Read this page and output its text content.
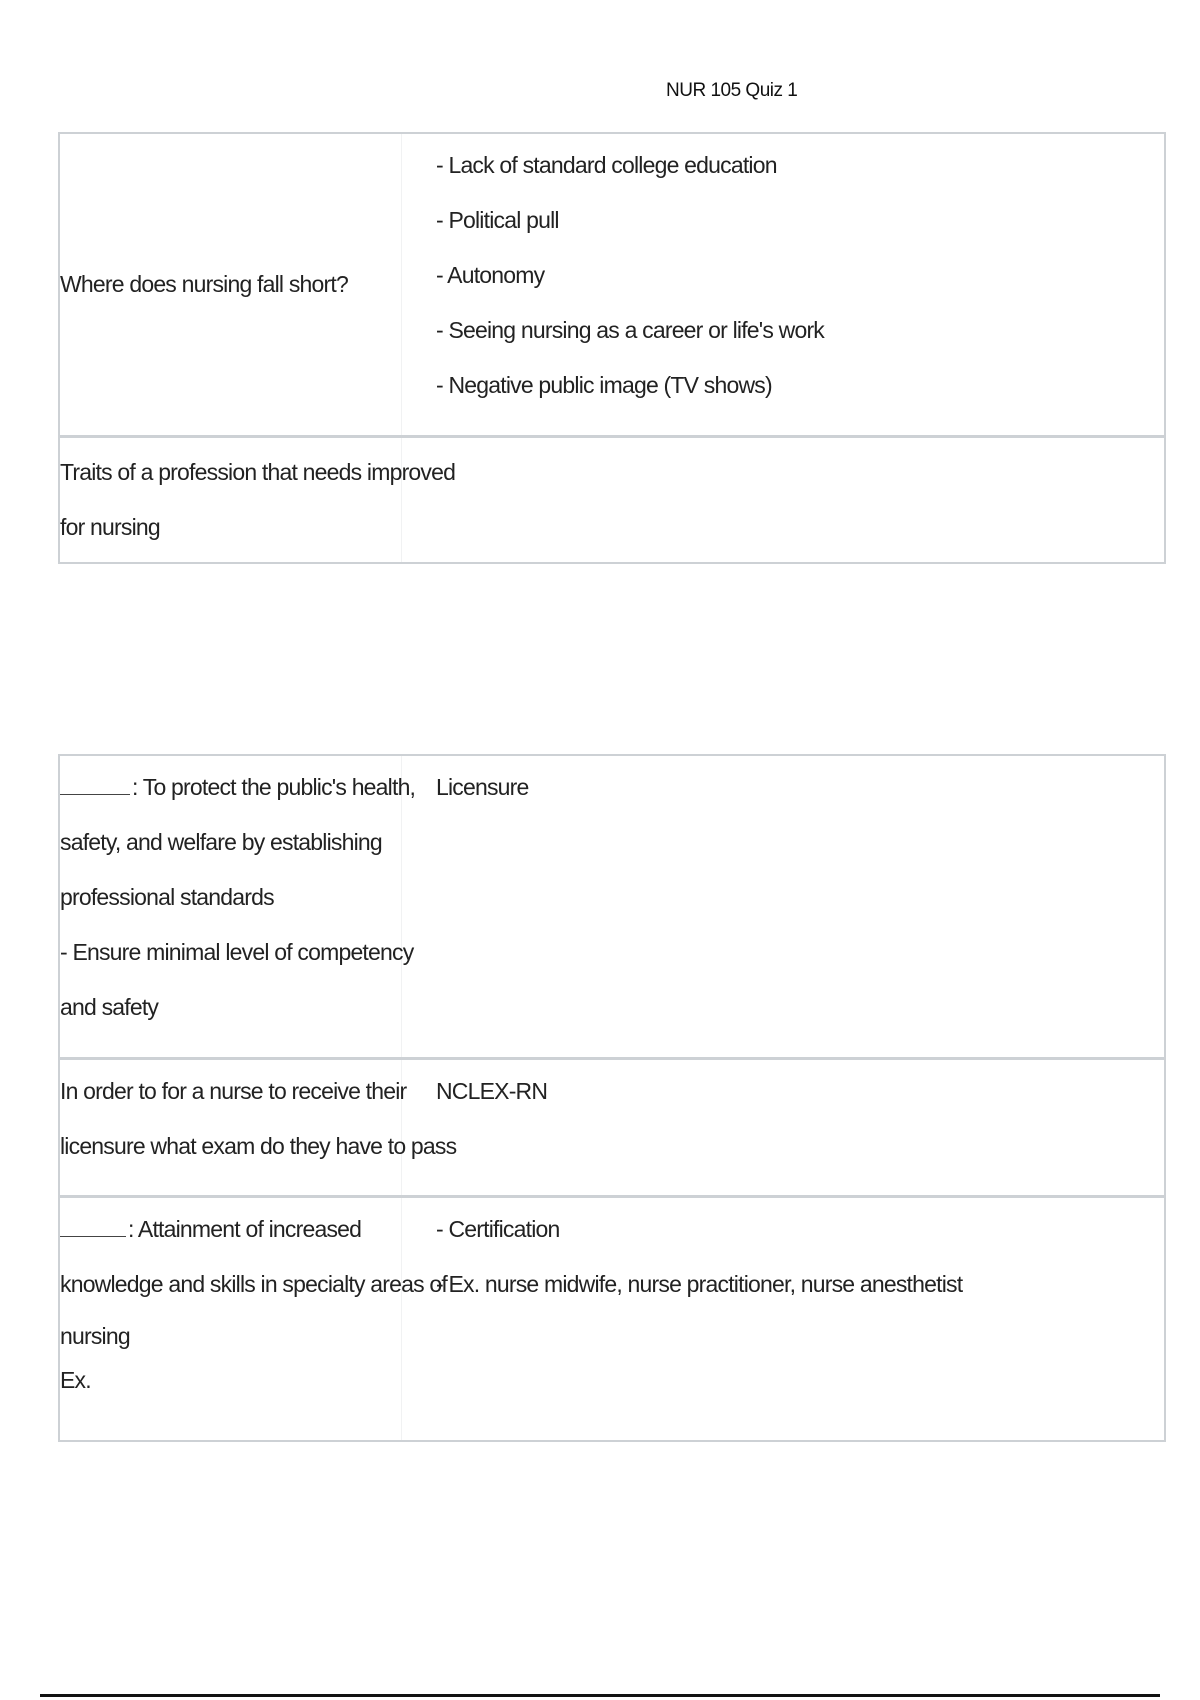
NUR 105 Quiz 1
Where does nursing fall short?
- Lack of standard college education
- Political pull
- Autonomy
- Seeing nursing as a career or life's work
- Negative public image (TV shows)
Traits of a profession that needs improved
for nursing
: To protect the public's health,
safety, and welfare by establishing
professional standards
- Ensure minimal level of competency
and safety
Licensure
In order to for a nurse to receive their
licensure what exam do they have to pass
NCLEX-RN
: Attainment of increased
knowledge and skills in specialty areas of
nursing
Ex.
- Certification
- Ex. nurse midwife, nurse practitioner, nurse anesthetist
